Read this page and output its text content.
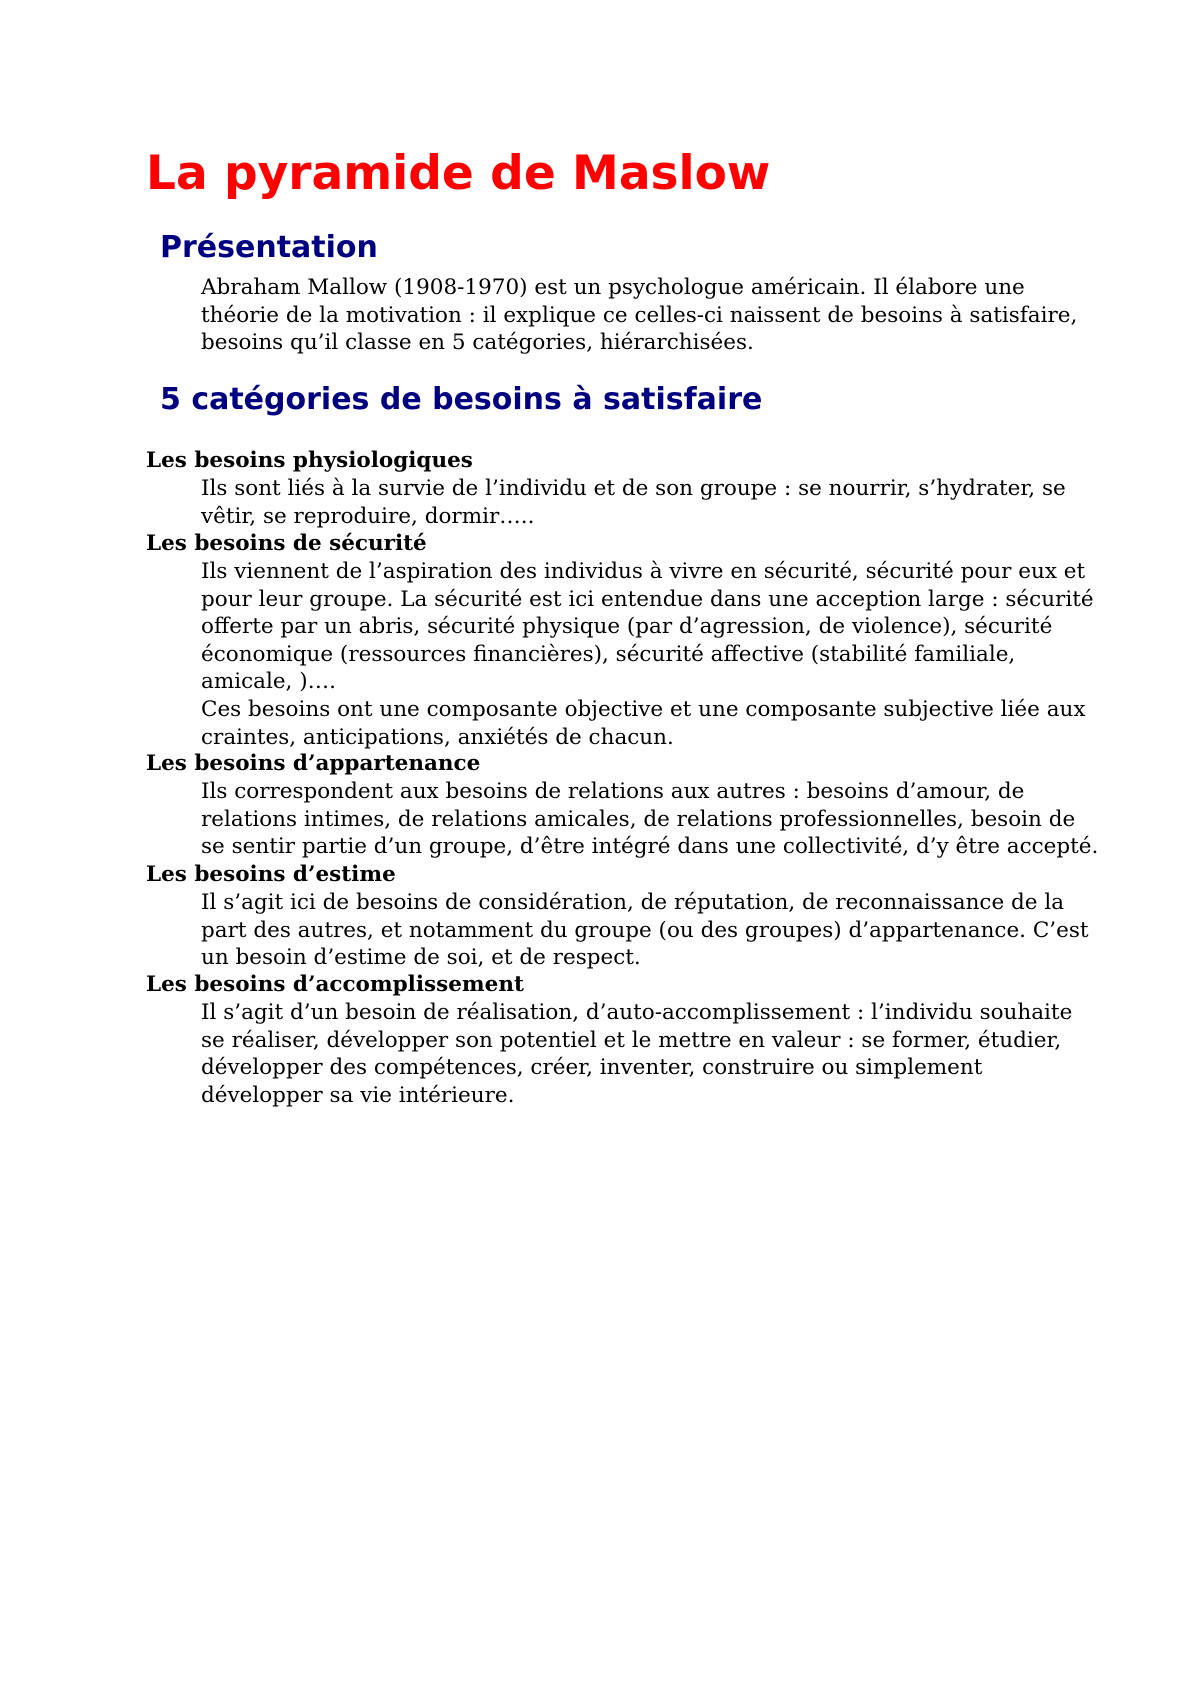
La pyramide de Maslow
Présentation
Abraham Mallow (1908-1970) est un psychologue américain. Il élabore une
théorie de la motivation : il explique ce celles-ci naissent de besoins à satisfaire,
besoins qu’il classe en 5 catégories, hiérarchisées.
5 catégories de besoins à satisfaire
Les besoins physiologiques
Ils sont liés à la survie de l’individu et de son groupe : se nourrir, s’hydrater, se
vêtir, se reproduire, dormir…..
Les besoins de sécurité
Ils viennent de l’aspiration des individus à vivre en sécurité, sécurité pour eux et
pour leur groupe. La sécurité est ici entendue dans une acception large : sécurité
offerte par un abris, sécurité physique (par d’agression, de violence), sécurité
économique (ressources financières), sécurité affective (stabilité familiale,
amicale, )….
Ces besoins ont une composante objective et une composante subjective liée aux
craintes, anticipations, anxiétés de chacun.
Les besoins d’appartenance
Ils correspondent aux besoins de relations aux autres : besoins d’amour, de
relations intimes, de relations amicales, de relations professionnelles, besoin de
se sentir partie d’un groupe, d’être intégré dans une collectivité, d’y être accepté.
Les besoins d’estime
Il s’agit ici de besoins de considération, de réputation, de reconnaissance de la
part des autres, et notamment du groupe (ou des groupes) d’appartenance. C’est
un besoin d’estime de soi, et de respect.
Les besoins d’accomplissement
Il s’agit d’un besoin de réalisation, d’auto-accomplissement : l’individu souhaite
se réaliser, développer son potentiel et le mettre en valeur : se former, étudier,
développer des compétences, créer, inventer, construire ou simplement
développer sa vie intérieure.
